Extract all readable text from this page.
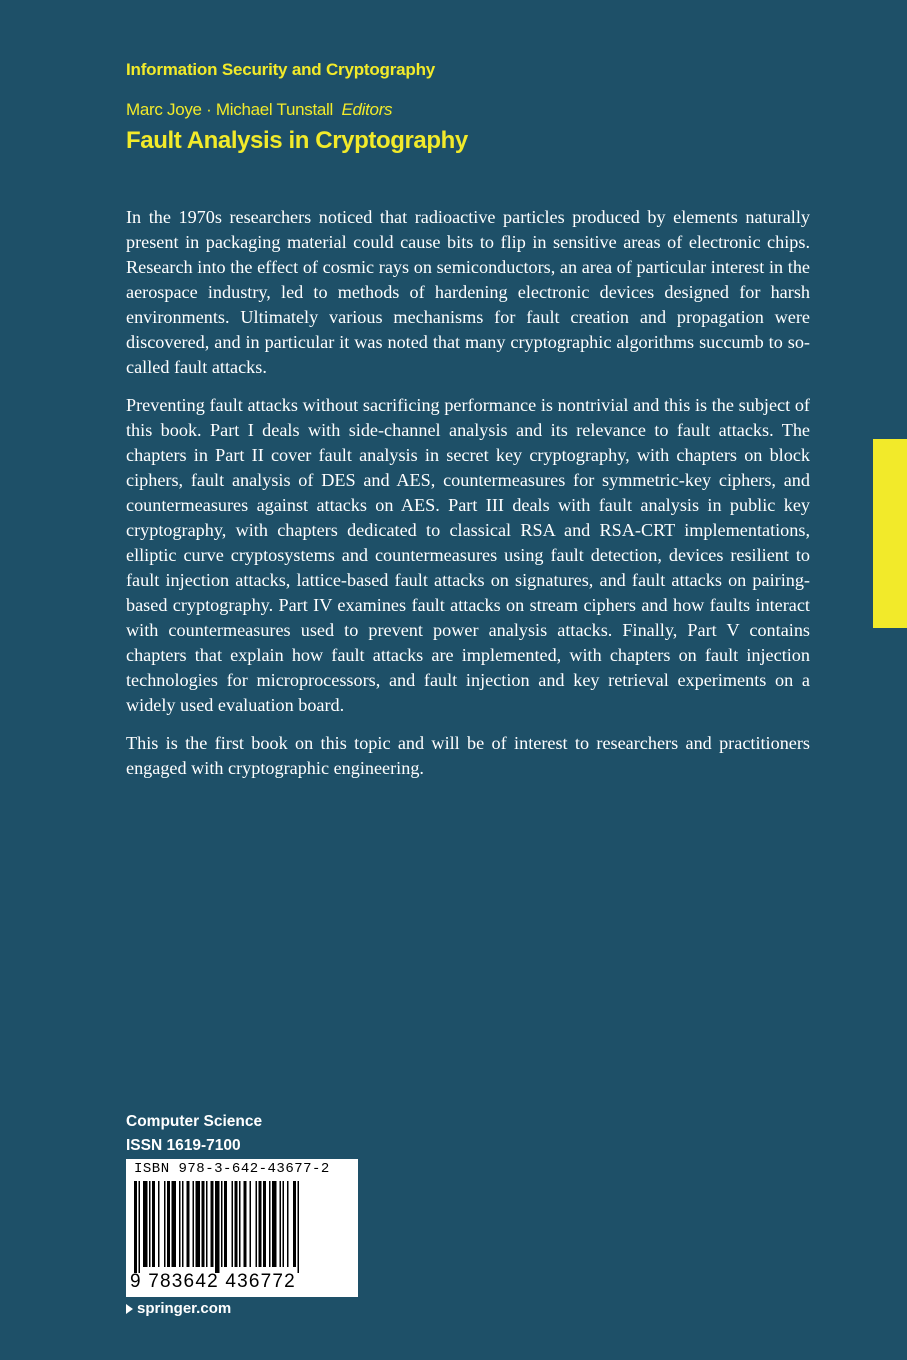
Information Security and Cryptography
Marc Joye · Michael Tunstall Editors
Fault Analysis in Cryptography

In the 1970s researchers noticed that radioactive particles produced by elements naturally present in packaging material could cause bits to flip in sensitive areas of electronic chips. Research into the effect of cosmic rays on semiconductors, an area of particular interest in the aerospace industry, led to methods of hardening electronic devices designed for harsh environments. Ultimately various mechanisms for fault creation and propagation were discovered, and in particular it was noted that many cryptographic algorithms succumb to so-called fault attacks.

Preventing fault attacks without sacrificing performance is nontrivial and this is the subject of this book. Part I deals with side-channel analysis and its relevance to fault attacks. The chapters in Part II cover fault analysis in secret key cryptography, with chapters on block ciphers, fault analysis of DES and AES, countermeasures for symmetric-key ciphers, and countermeasures against attacks on AES. Part III deals with fault analysis in public key cryptography, with chapters dedicated to classical RSA and RSA-CRT implementations, elliptic curve cryptosystems and countermeasures using fault detection, devices resilient to fault injection attacks, lattice-based fault attacks on signatures, and fault attacks on pairing-based cryptography. Part IV examines fault attacks on stream ciphers and how faults interact with countermeasures used to prevent power analysis attacks. Finally, Part V contains chapters that explain how fault attacks are implemented, with chapters on fault injection technologies for microprocessors, and fault injection and key retrieval experiments on a widely used evaluation board.

This is the first book on this topic and will be of interest to researchers and practitioners engaged with cryptographic engineering.

Computer Science
ISSN 1619-7100
ISBN 978-3-642-43677-2
9 783642 436772
springer.com
